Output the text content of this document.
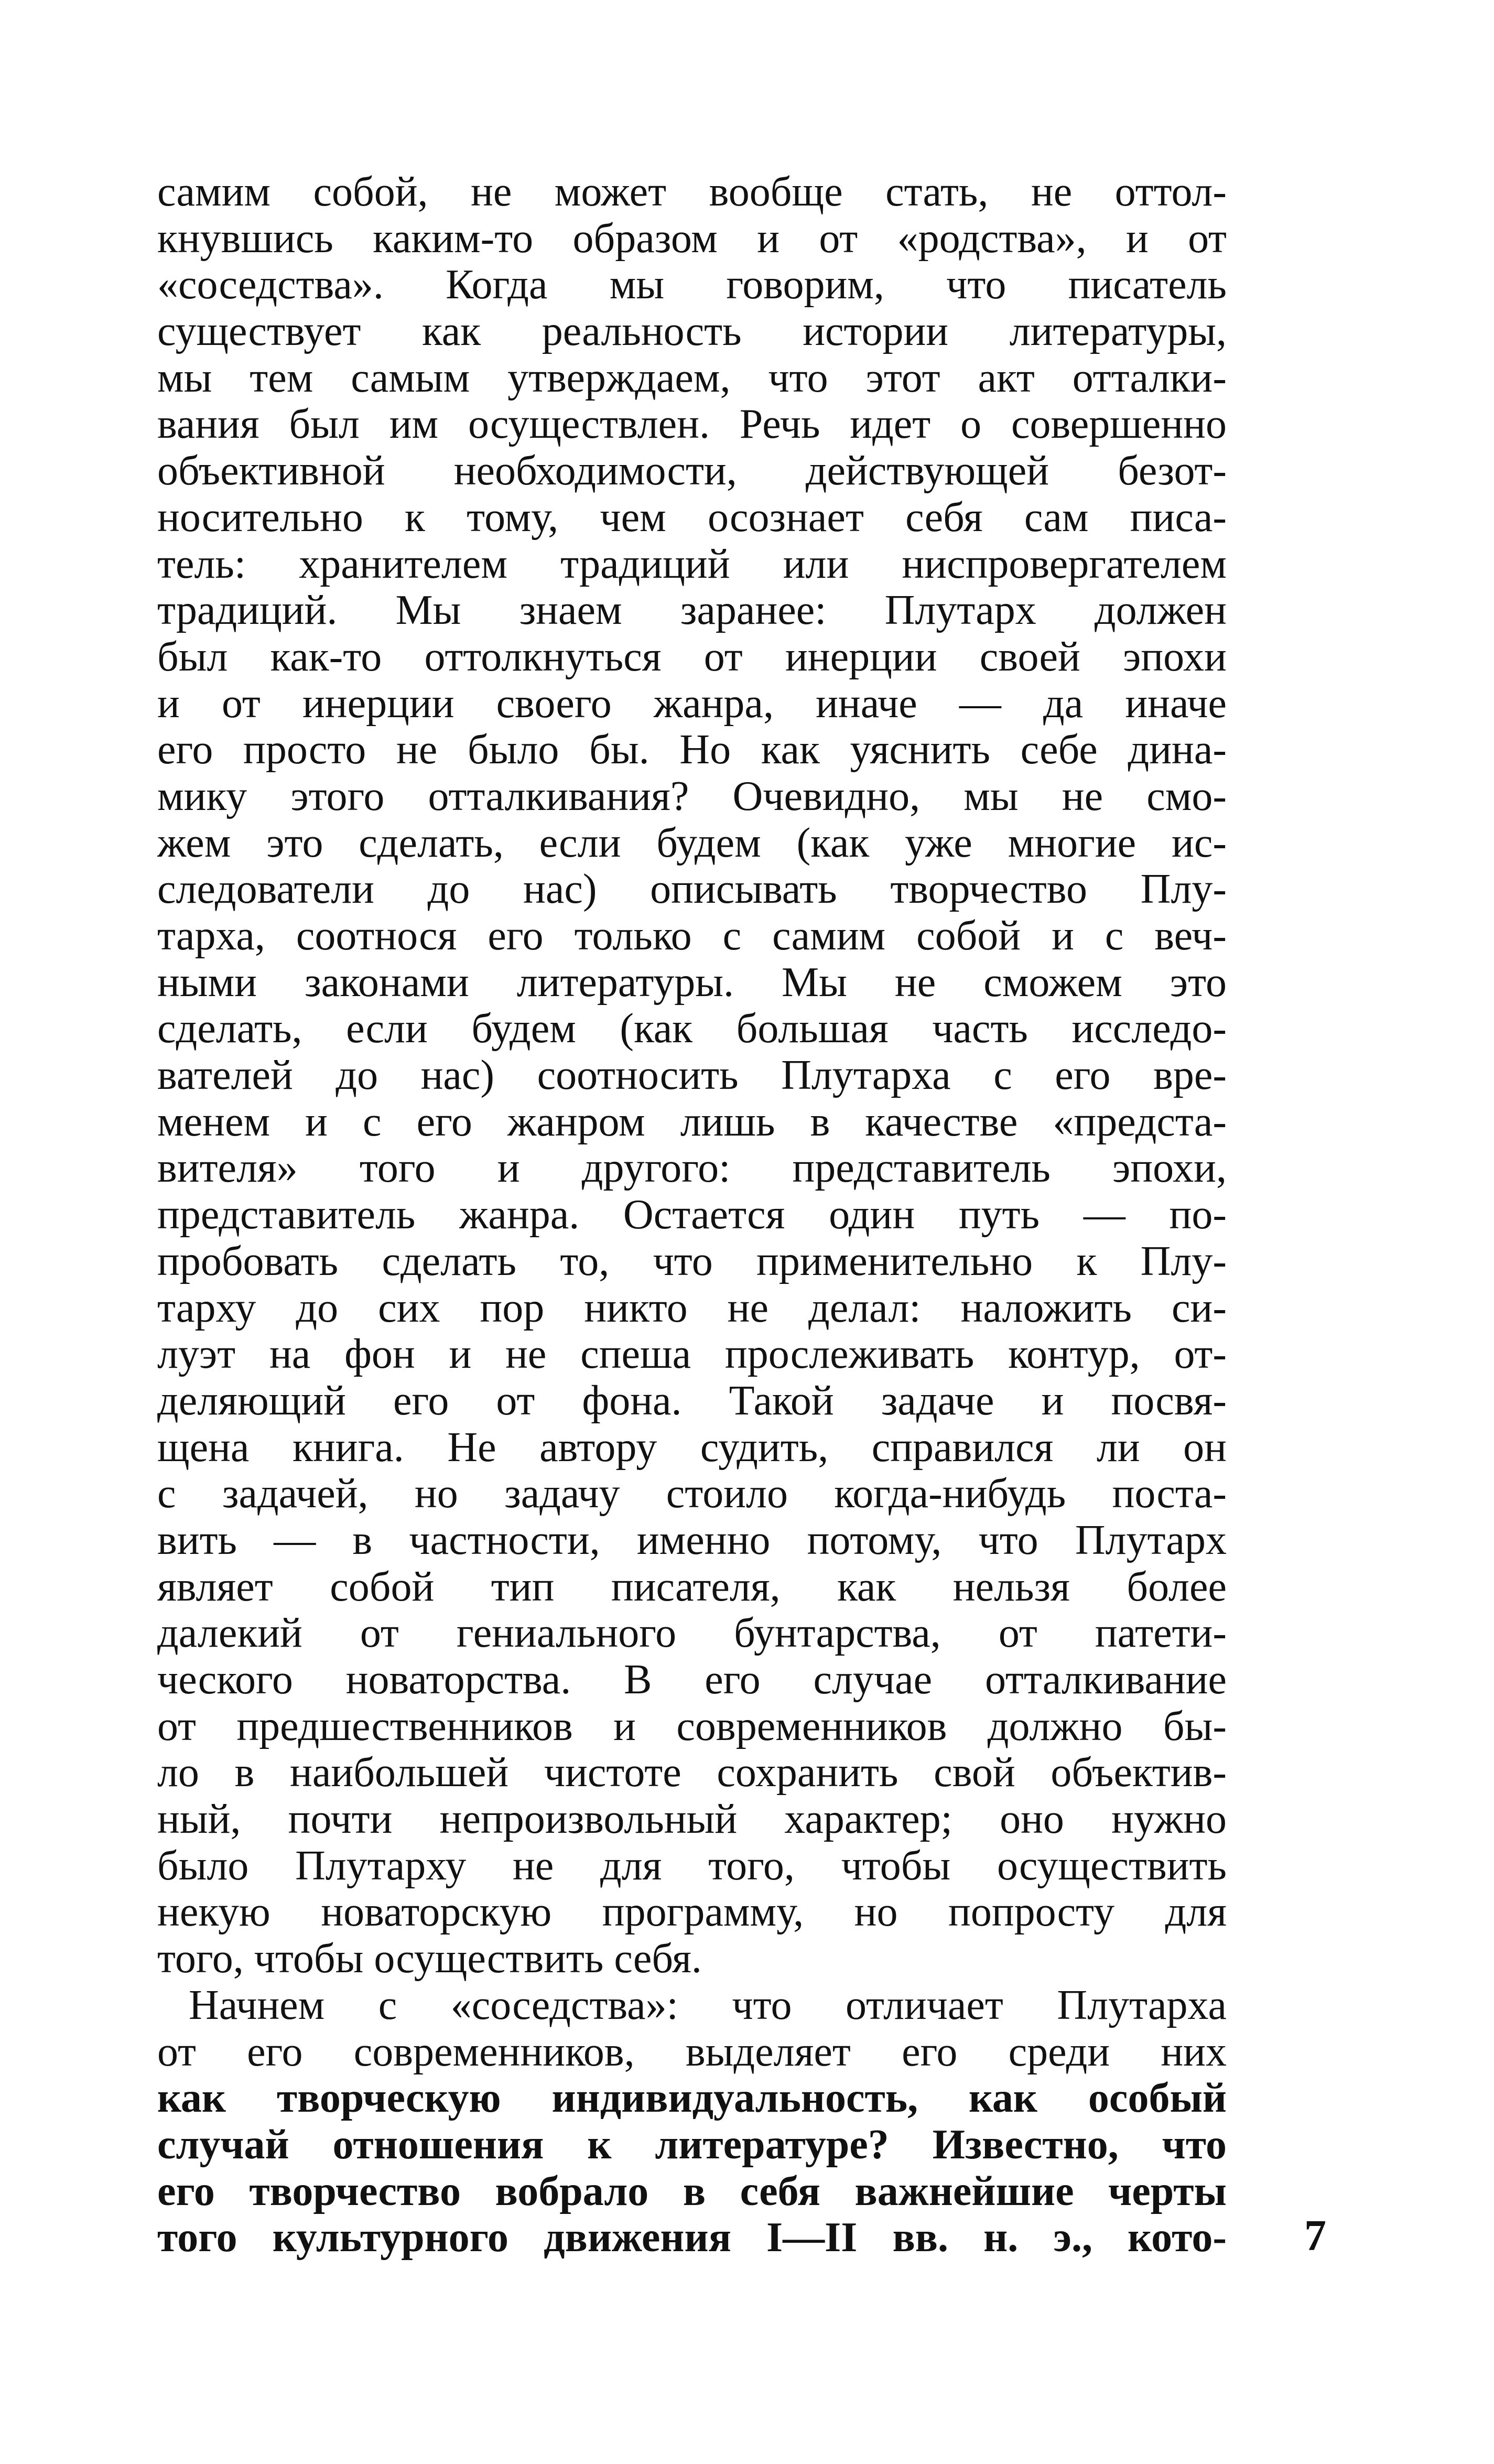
самим собой, не может вообще стать, не оттол-
кнувшись каким-то образом и от «родства», и от
«соседства». Когда мы говорим, что писатель
существует как реальность истории литературы,
мы тем самым утверждаем, что этот акт отталки-
вания был им осуществлен. Речь идет о совершенно
объективной необходимости, действующей безот-
носительно к тому, чем осознает себя сам писа-
тель: хранителем традиций или ниспровергателем
традиций. Мы знаем заранее: Плутарх должен
был как-то оттолкнуться от инерции своей эпохи
и от инерции своего жанра, иначе — да иначе
его просто не было бы. Но как уяснить себе дина-
мику этого отталкивания? Очевидно, мы не смо-
жем это сделать, если будем (как уже многие ис-
следователи до нас) описывать творчество Плу-
тарха, соотнося его только с самим собой и с веч-
ными законами литературы. Мы не сможем это
сделать, если будем (как большая часть исследо-
вателей до нас) соотносить Плутарха с его вре-
менем и с его жанром лишь в качестве «предста-
вителя» того и другого: представитель эпохи,
представитель жанра. Остается один путь — по-
пробовать сделать то, что применительно к Плу-
тарху до сих пор никто не делал: наложить си-
луэт на фон и не спеша прослеживать контур, от-
деляющий его от фона. Такой задаче и посвя-
щена книга. Не автору судить, справился ли он
с задачей, но задачу стоило когда-нибудь поста-
вить — в частности, именно потому, что Плутарх
являет собой тип писателя, как нельзя более
далекий от гениального бунтарства, от патети-
ческого новаторства. В его случае отталкивание
от предшественников и современников должно бы-
ло в наибольшей чистоте сохранить свой объектив-
ный, почти непроизвольный характер; оно нужно
было Плутарху не для того, чтобы осуществить
некую новаторскую программу, но попросту для
того, чтобы осуществить себя.
Начнем с «соседства»: что отличает Плутарха
от его современников, выделяет его среди них
как творческую индивидуальность, как особый
случай отношения к литературе? Известно, что
его творчество вобрало в себя важнейшие черты
того культурного движения I—II вв. н. э., кото- 7
